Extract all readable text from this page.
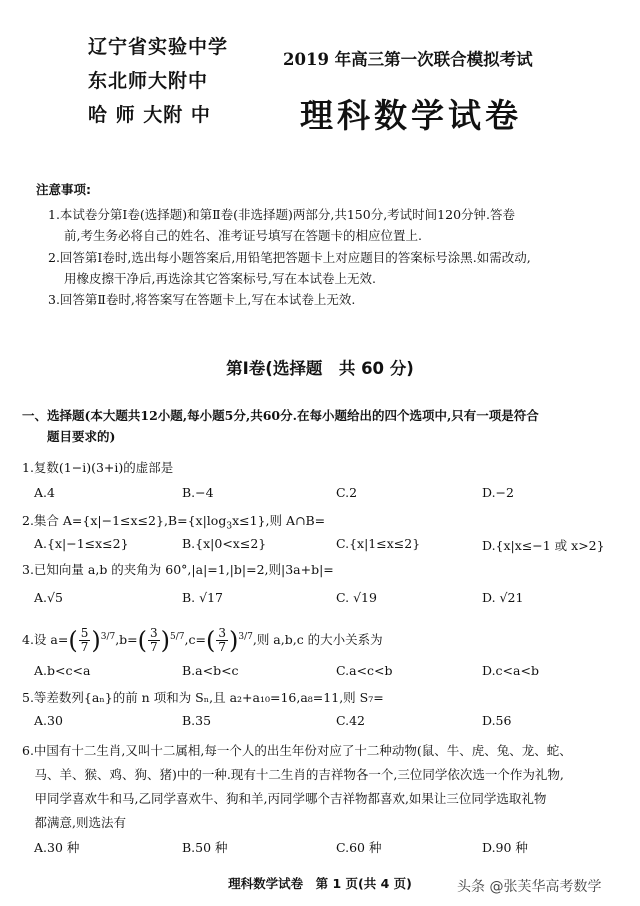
辽宁省实验中学
东北师大附中
哈 师 大附 中
2019 年高三第一次联合模拟考试
理科数学试卷
注意事项:
1.本试卷分第Ⅰ卷(选择题)和第Ⅱ卷(非选择题)两部分,共150分,考试时间120分钟.答卷
前,考生务必将自己的姓名、准考证号填写在答题卡的相应位置上.
2.回答第Ⅰ卷时,选出每小题答案后,用铅笔把答题卡上对应题目的答案标号涂黑.如需改动,
用橡皮擦干净后,再选涂其它答案标号,写在本试卷上无效.
3.回答第Ⅱ卷时,将答案写在答题卡上,写在本试卷上无效.
第Ⅰ卷(选择题　共 60 分)
一、选择题(本大题共12小题,每小题5分,共60分.在每小题给出的四个选项中,只有一项是符合
　　题目要求的)
1.复数(1−i)(3+i)的虚部是
A.4	B.−4	C.2	D.−2
2.集合 $A=\{x|-1\le x\le 2\},B=\{x|\log_3x\le 1\}$,则 A∩B=
A.{x|−1≤x≤2}	B.{x|0<x≤2}	C.{x|1≤x≤2}	D.{x|x≤−1 或 x>2}
3.已知向量 a,b 的夹角为 60°,|a|=1,|b|=2,则|3a+b|=
A.√5	B. √17	C. √19	D. √21
4.设 $a=( \frac{5}{7} )^{3/7},b=( \frac{3}{7} )^{5/7},c=( \frac{3}{7} )^{3/7}$,则 a,b,c 的大小关系为
A.b<c<a	B.a<b<c	C.a<c<b	D.c<a<b
5.等差数列{aₙ}的前 n 项和为 Sₙ,且 a₂+a₁₀=16,a₈=11,则 S₇=
A.30	B.35	C.42	D.56
6.中国有十二生肖,又叫十二属相,每一个人的出生年份对应了十二种动物(鼠、牛、虎、兔、龙、蛇、
　马、羊、猴、鸡、狗、猪)中的一种.现有十二生肖的吉祥物各一个,三位同学依次选一个作为礼物,
　甲同学喜欢牛和马,乙同学喜欢牛、狗和羊,丙同学哪个吉祥物都喜欢,如果让三位同学选取礼物
　都满意,则选法有
A.30 种	B.50 种	C.60 种	D.90 种
理科数学试卷　第 1 页(共 4 页)	头条 @张芙华高考数学
